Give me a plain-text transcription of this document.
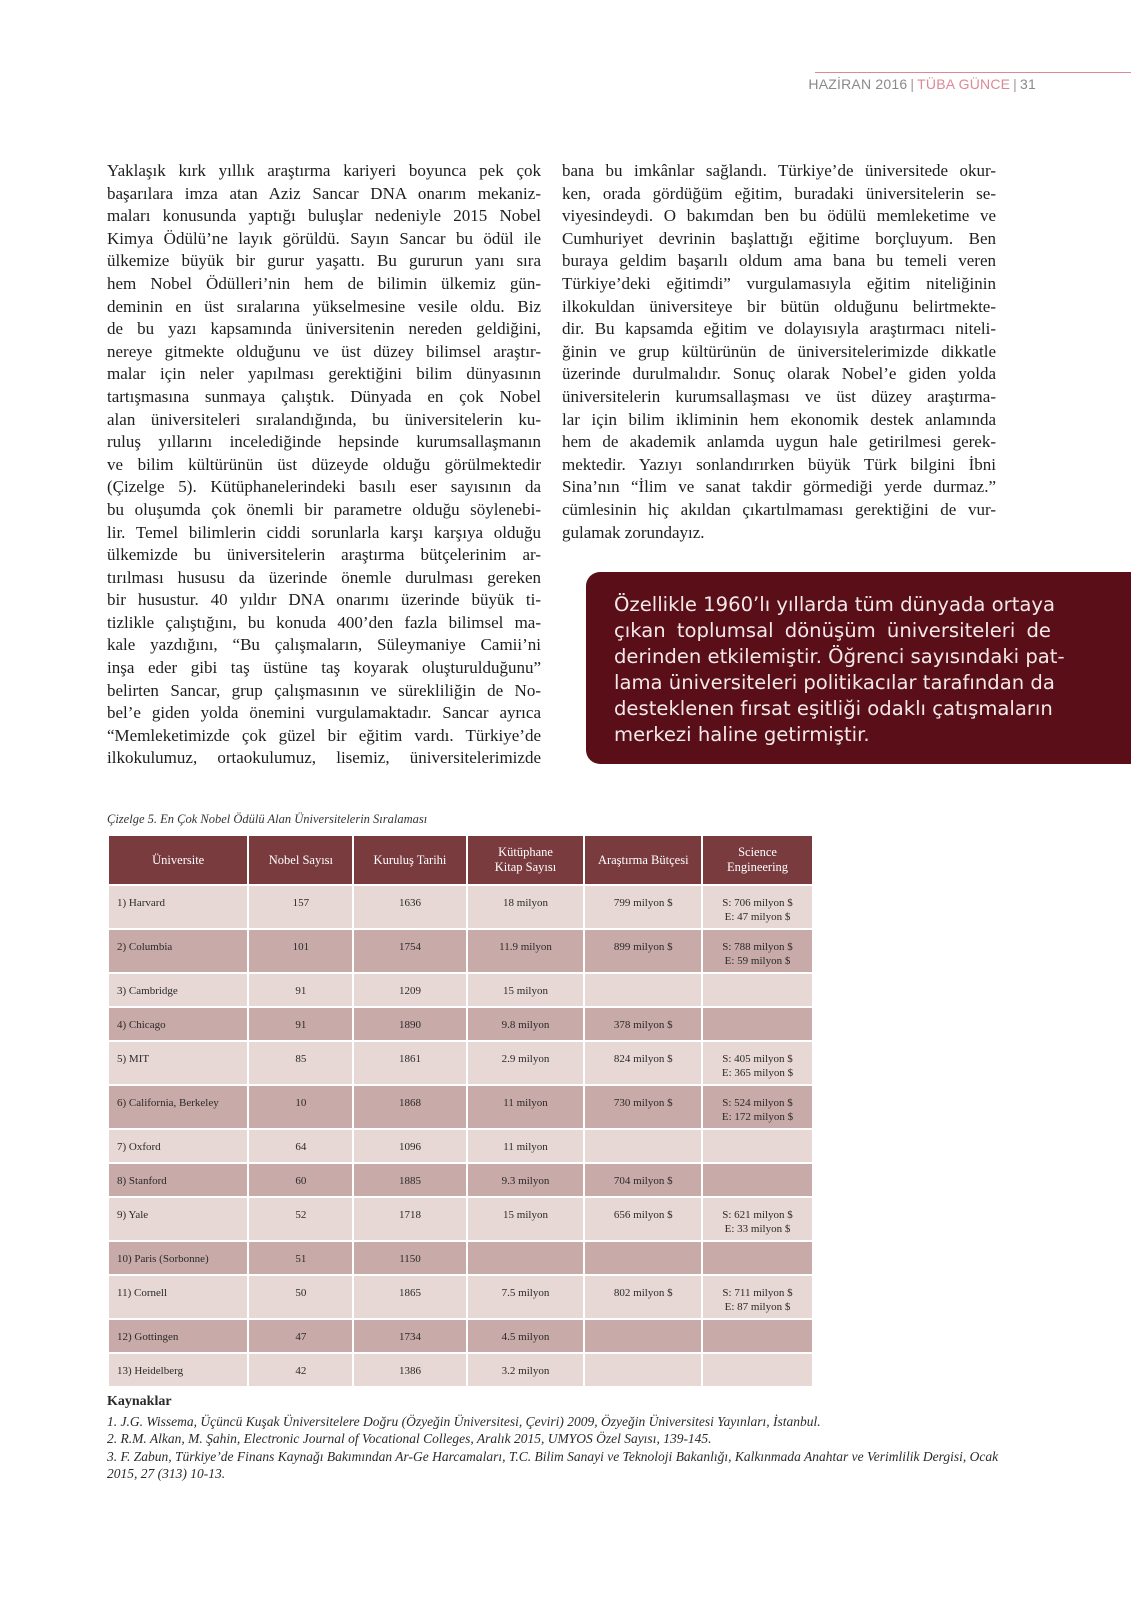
HAZİRAN 2016 | TÜBA GÜNCE | 31

Yaklaşık kırk yıllık araştırma kariyeri boyunca pek çok
başarılara imza atan Aziz Sancar DNA onarım mekaniz-
maları konusunda yaptığı buluşlar nedeniyle 2015 Nobel
Kimya Ödülü’ne layık görüldü. Sayın Sancar bu ödül ile
ülkemize büyük bir gurur yaşattı. Bu gururun yanı sıra
hem Nobel Ödülleri’nin hem de bilimin ülkemiz gün-
deminin en üst sıralarına yükselmesine vesile oldu. Biz
de bu yazı kapsamında üniversitenin nereden geldiğini,
nereye gitmekte olduğunu ve üst düzey bilimsel araştır-
malar için neler yapılması gerektiğini bilim dünyasının
tartışmasına sunmaya çalıştık. Dünyada en çok Nobel
alan üniversiteleri sıralandığında, bu üniversitelerin ku-
ruluş yıllarını incelediğinde hepsinde kurumsallaşmanın
ve bilim kültürünün üst düzeyde olduğu görülmektedir
(Çizelge 5). Kütüphanelerindeki basılı eser sayısının da
bu oluşumda çok önemli bir parametre olduğu söylenebi-
lir. Temel bilimlerin ciddi sorunlarla karşı karşıya olduğu
ülkemizde bu üniversitelerin araştırma bütçelerinim ar-
tırılması hususu da üzerinde önemle durulması gereken
bir husustur. 40 yıldır DNA onarımı üzerinde büyük ti-
tizlikle çalıştığını, bu konuda 400’den fazla bilimsel ma-
kale yazdığını, “Bu çalışmaların, Süleymaniye Camii’ni
inşa eder gibi taş üstüne taş koyarak oluşturulduğunu”
belirten Sancar, grup çalışmasının ve sürekliliğin de No-
bel’e giden yolda önemini vurgulamaktadır. Sancar ayrıca
“Memleketimizde çok güzel bir eğitim vardı. Türkiye’de
ilkokulumuz, ortaokulumuz, lisemiz, üniversitelerimizde

bana bu imkânlar sağlandı. Türkiye’de üniversitede okur-
ken, orada gördüğüm eğitim, buradaki üniversitelerin se-
viyesindeydi. O bakımdan ben bu ödülü memleketime ve
Cumhuriyet devrinin başlattığı eğitime borçluyum. Ben
buraya geldim başarılı oldum ama bana bu temeli veren
Türkiye’deki eğitimdi” vurgulamasıyla eğitim niteliğinin
ilkokuldan üniversiteye bir bütün olduğunu belirtmekte-
dir. Bu kapsamda eğitim ve dolayısıyla araştırmacı niteli-
ğinin ve grup kültürünün de üniversitelerimizde dikkatle
üzerinde durulmalıdır. Sonuç olarak Nobel’e giden yolda
üniversitelerin kurumsallaşması ve üst düzey araştırma-
lar için bilim ikliminin hem ekonomik destek anlamında
hem de akademik anlamda uygun hale getirilmesi gerek-
mektedir. Yazıyı sonlandırırken büyük Türk bilgini İbni
Sina’nın “İlim ve sanat takdir görmediği yerde durmaz.”
cümlesinin hiç akıldan çıkartılmaması gerektiğini de vur-
gulamak zorundayız.

Özellikle 1960’lı yıllarda tüm dünyada ortaya
çıkan toplumsal dönüşüm üniversiteleri de
derinden etkilemiştir. Öğrenci sayısındaki pat-
lama üniversiteleri politikacılar tarafından da
desteklenen fırsat eşitliği odaklı çatışmaların
merkezi haline getirmiştir.
Çizelge 5. En Çok Nobel Ödülü Alan Üniversitelerin Sıralaması
Üniversite	Nobel Sayısı	Kuruluş Tarihi	Kütüphane
Kitap Sayısı	Araştırma Bütçesi	Science
Engineering

1) Harvard	157	1636	18 milyon	799 milyon $	S: 706 milyon $
E: 47 milyon $

2) Columbia	101	1754	11.9 milyon	899 milyon $	S: 788 milyon $
E: 59 milyon $

3) Cambridge	91	1209	15 milyon		

4) Chicago	91	1890	9.8 milyon	378 milyon $	

5) MIT	85	1861	2.9 milyon	824 milyon $	S: 405 milyon $
E: 365 milyon $

6) California, Berkeley	10	1868	11 milyon	730 milyon $	S: 524 milyon $
E: 172 milyon $

7) Oxford	64	1096	11 milyon		

8) Stanford	60	1885	9.3 milyon	704 milyon $	

9) Yale	52	1718	15 milyon	656 milyon $	S: 621 milyon $
E: 33 milyon $

10) Paris (Sorbonne)	51	1150			

11) Cornell	50	1865	7.5 milyon	802 milyon $	S: 711 milyon $
E: 87 milyon $

12) Gottingen	47	1734	4.5 milyon		

13) Heidelberg	42	1386	3.2 milyon		

Kaynaklar
1. J.G. Wissema, Üçüncü Kuşak Üniversitelere Doğru (Özyeğin Üniversitesi, Çeviri) 2009, Özyeğin Üniversitesi Yayınları, İstanbul.
2. R.M. Alkan, M. Şahin, Electronic Journal of Vocational Colleges, Aralık 2015, UMYOS Özel Sayısı, 139-145.
3. F. Zabun, Türkiye’de Finans Kaynağı Bakımından Ar-Ge Harcamaları, T.C. Bilim Sanayi ve Teknoloji Bakanlığı, Kalkınmada Anahtar ve Verimlilik Dergisi, Ocak 2015, 27 (313) 10-13.
